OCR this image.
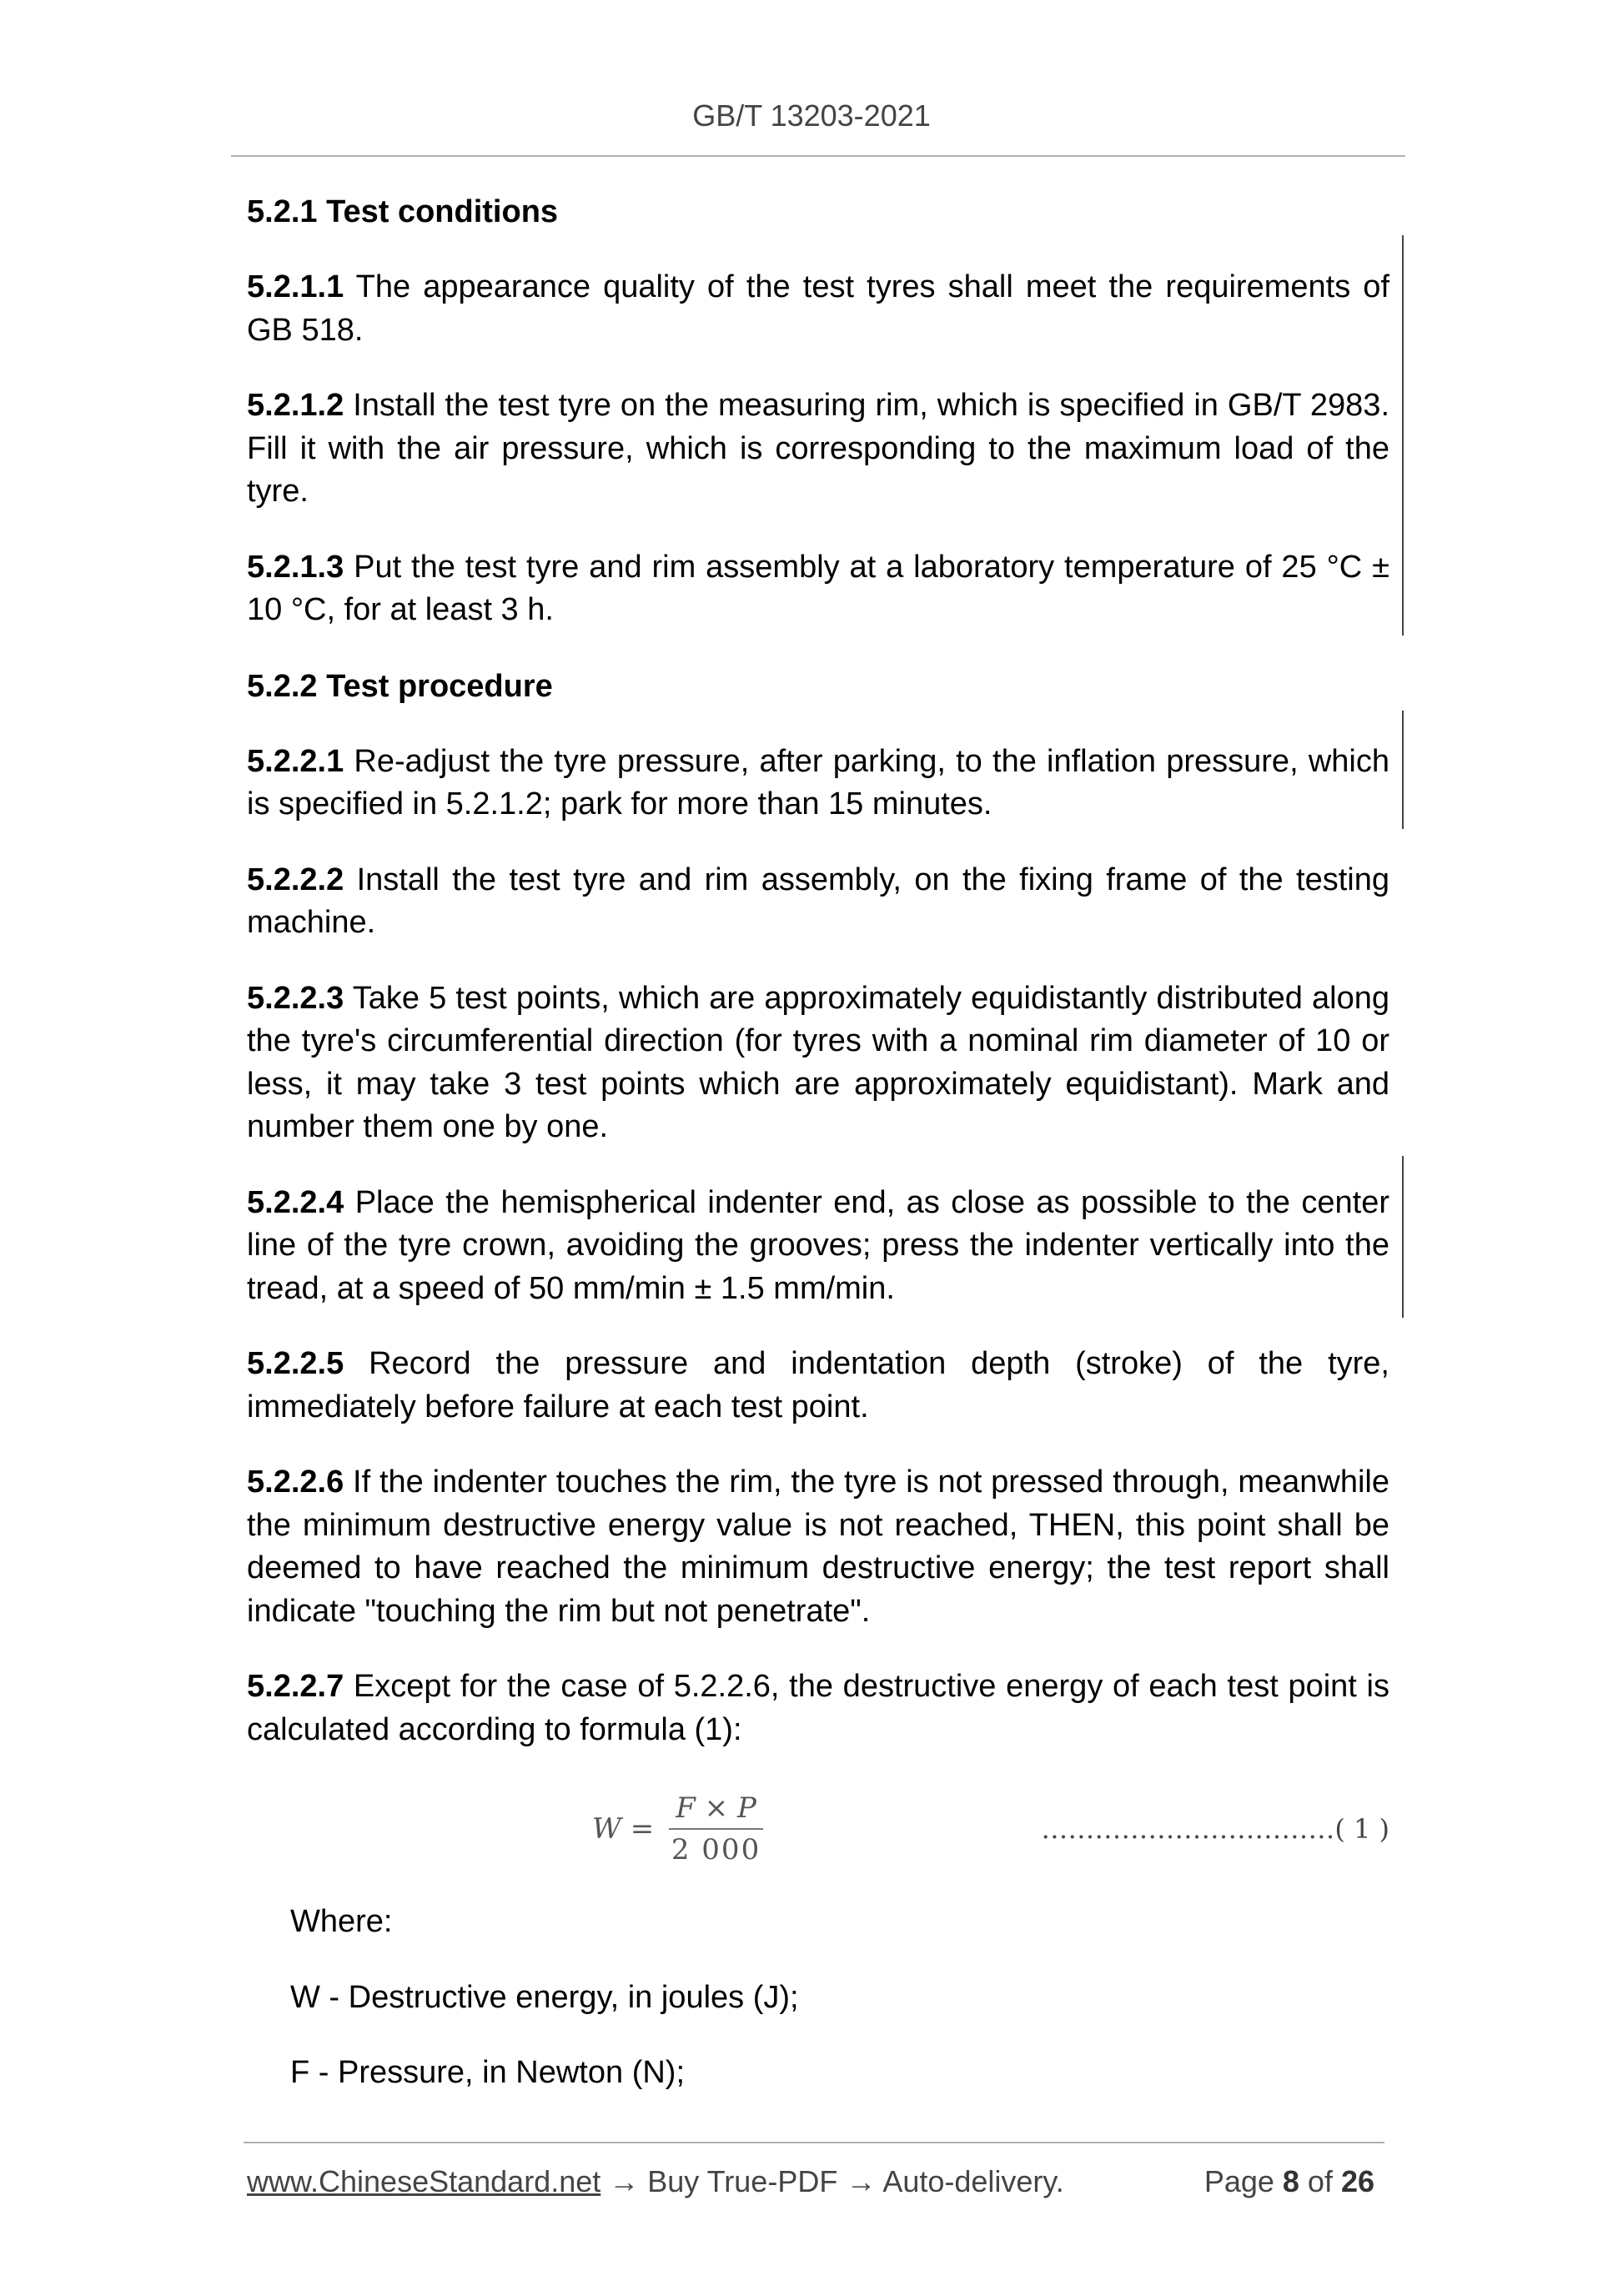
GB/T 13203-2021
5.2.1 Test conditions

5.2.1.1 The appearance quality of the test tyres shall meet the requirements of GB 518.

5.2.1.2 Install the test tyre on the measuring rim, which is specified in GB/T 2983. Fill it with the air pressure, which is corresponding to the maximum load of the tyre.

5.2.1.3 Put the test tyre and rim assembly at a laboratory temperature of 25 °C ± 10 °C, for at least 3 h.

5.2.2 Test procedure

5.2.2.1 Re-adjust the tyre pressure, after parking, to the inflation pressure, which is specified in 5.2.1.2; park for more than 15 minutes.

5.2.2.2 Install the test tyre and rim assembly, on the fixing frame of the testing machine.

5.2.2.3 Take 5 test points, which are approximately equidistantly distributed along the tyre's circumferential direction (for tyres with a nominal rim diameter of 10 or less, it may take 3 test points which are approximately equidistant). Mark and number them one by one.

5.2.2.4 Place the hemispherical indenter end, as close as possible to the center line of the tyre crown, avoiding the grooves; press the indenter vertically into the tread, at a speed of 50 mm/min ± 1.5 mm/min.

5.2.2.5 Record the pressure and indentation depth (stroke) of the tyre, immediately before failure at each test point.

5.2.2.6 If the indenter touches the rim, the tyre is not pressed through, meanwhile the minimum destructive energy value is not reached, THEN, this point shall be deemed to have reached the minimum destructive energy; the test report shall indicate "touching the rim but not penetrate".

5.2.2.7 Except for the case of 5.2.2.6, the destructive energy of each test point is calculated according to formula (1):

$W = \frac{F \times P}{2 000}$	……………………………( 1 )

Where:

W - Destructive energy, in joules (J);

F - Pressure, in Newton (N);

www.ChineseStandard.net → Buy True-PDF → Auto-delivery.	Page 8 of 26
